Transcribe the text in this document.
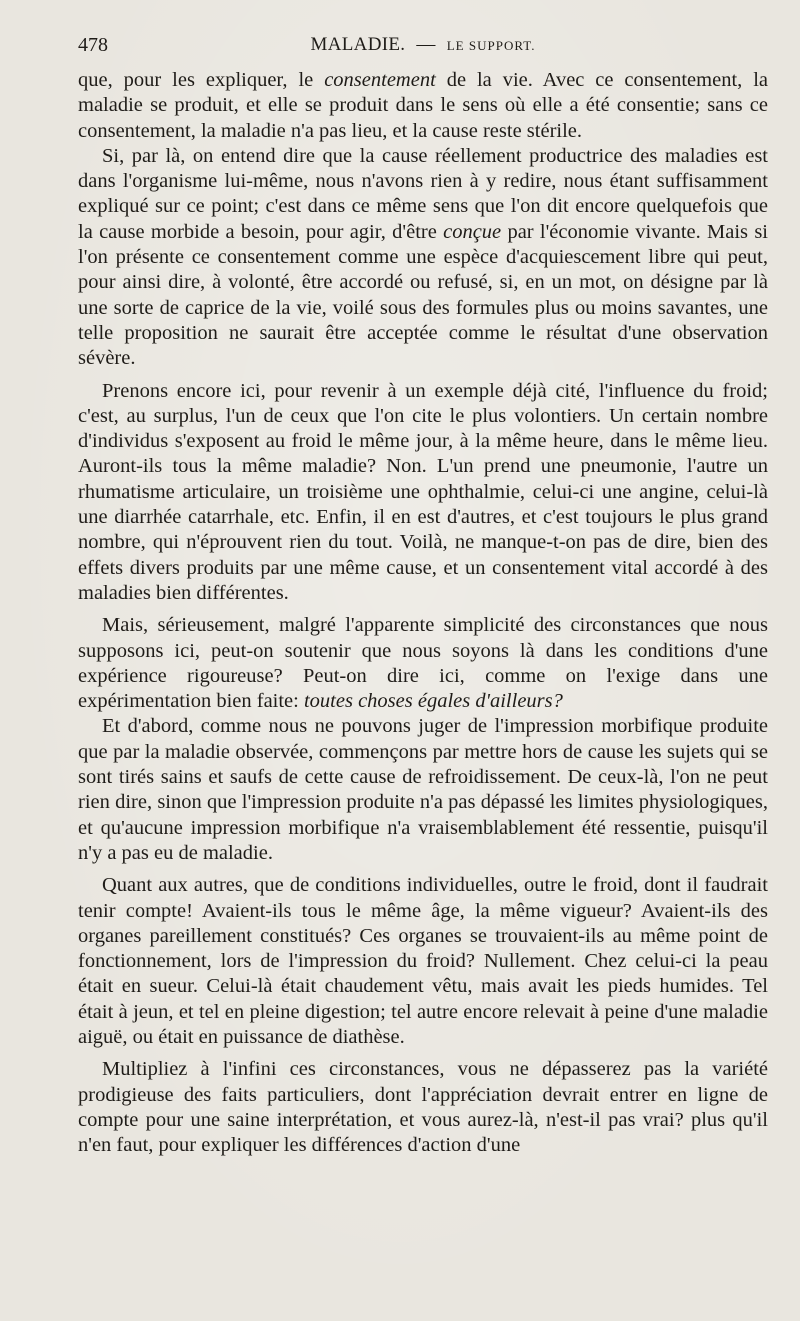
478	MALADIE. — LE SUPPORT.

que, pour les expliquer, le consentement de la vie. Avec ce consentement, la maladie se produit, et elle se produit dans le sens où elle a été consentie; sans ce consentement, la maladie n'a pas lieu, et la cause reste stérile.

Si, par là, on entend dire que la cause réellement productrice des maladies est dans l'organisme lui-même, nous n'avons rien à y redire, nous étant suffisamment expliqué sur ce point; c'est dans ce même sens que l'on dit encore quelquefois que la cause morbide a besoin, pour agir, d'être conçue par l'économie vivante. Mais si l'on présente ce consentement comme une espèce d'acquiescement libre qui peut, pour ainsi dire, à volonté, être accordé ou refusé, si, en un mot, on désigne par là une sorte de caprice de la vie, voilé sous des formules plus ou moins savantes, une telle proposition ne saurait être acceptée comme le résultat d'une observation sévère.

Prenons encore ici, pour revenir à un exemple déjà cité, l'influence du froid; c'est, au surplus, l'un de ceux que l'on cite le plus volontiers. Un certain nombre d'individus s'exposent au froid le même jour, à la même heure, dans le même lieu. Auront-ils tous la même maladie? Non. L'un prend une pneumonie, l'autre un rhumatisme articulaire, un troisième une ophthalmie, celui-ci une angine, celui-là une diarrhée catarrhale, etc. Enfin, il en est d'autres, et c'est toujours le plus grand nombre, qui n'éprouvent rien du tout. Voilà, ne manque-t-on pas de dire, bien des effets divers produits par une même cause, et un consentement vital accordé à des maladies bien différentes.

Mais, sérieusement, malgré l'apparente simplicité des circonstances que nous supposons ici, peut-on soutenir que nous soyons là dans les conditions d'une expérience rigoureuse? Peut-on dire ici, comme on l'exige dans une expérimentation bien faite: toutes choses égales d'ailleurs?

Et d'abord, comme nous ne pouvons juger de l'impression morbifique produite que par la maladie observée, commençons par mettre hors de cause les sujets qui se sont tirés sains et saufs de cette cause de refroidissement. De ceux-là, l'on ne peut rien dire, sinon que l'impression produite n'a pas dépassé les limites physiologiques, et qu'aucune impression morbifique n'a vraisemblablement été ressentie, puisqu'il n'y a pas eu de maladie.

Quant aux autres, que de conditions individuelles, outre le froid, dont il faudrait tenir compte! Avaient-ils tous le même âge, la même vigueur? Avaient-ils des organes pareillement constitués? Ces organes se trouvaient-ils au même point de fonctionnement, lors de l'impression du froid? Nullement. Chez celui-ci la peau était en sueur. Celui-là était chaudement vêtu, mais avait les pieds humides. Tel était à jeun, et tel en pleine digestion; tel autre encore relevait à peine d'une maladie aiguë, ou était en puissance de diathèse.

Multipliez à l'infini ces circonstances, vous ne dépasserez pas la variété prodigieuse des faits particuliers, dont l'appréciation devrait entrer en ligne de compte pour une saine interprétation, et vous aurez-là, n'est-il pas vrai? plus qu'il n'en faut, pour expliquer les différences d'action d'une
